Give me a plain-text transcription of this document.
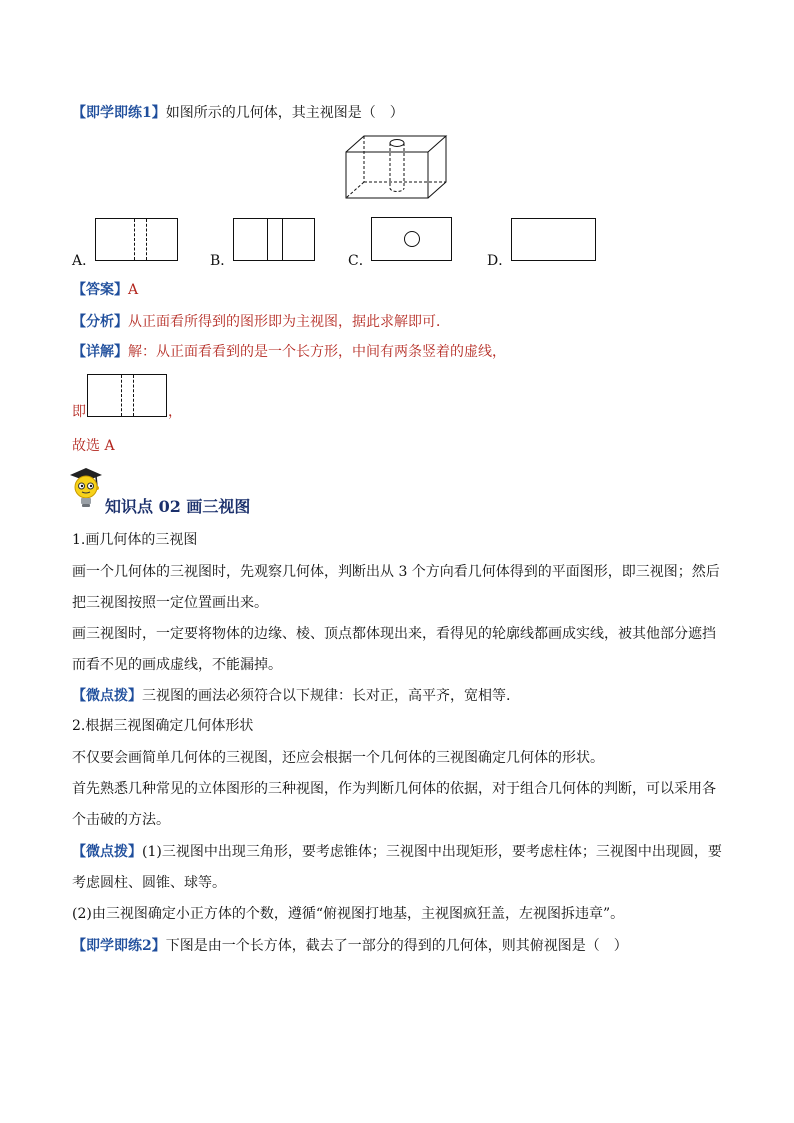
【即学即练1】如图所示的几何体，其主视图是（　）
A．	B．	C．	D．
【答案】A
【分析】从正面看所得到的图形即为主视图，据此求解即可．
【详解】解：从正面看看到的是一个长方形，中间有两条竖着的虚线，
即	，
故选 A
知识点 02 画三视图
1.画几何体的三视图
画一个几何体的三视图时，先观察几何体，判断出从 3 个方向看几何体得到的平面图形，即三视图；然后
把三视图按照一定位置画出来。
画三视图时，一定要将物体的边缘、棱、顶点都体现出来，看得见的轮廓线都画成实线，被其他部分遮挡
而看不见的画成虚线，不能漏掉。
【微点拨】三视图的画法必须符合以下规律：长对正，高平齐，宽相等.
2.根据三视图确定几何体形状
不仅要会画简单几何体的三视图，还应会根据一个几何体的三视图确定几何体的形状。
首先熟悉几种常见的立体图形的三种视图，作为判断几何体的依据，对于组合几何体的判断，可以采用各
个击破的方法。
【微点拨】(1)三视图中出现三角形，要考虑锥体；三视图中出现矩形，要考虑柱体；三视图中出现圆，要
考虑圆柱、圆锥、球等。
(2)由三视图确定小正方体的个数，遵循“俯视图打地基，主视图疯狂盖，左视图拆违章”。
【即学即练2】下图是由一个长方体，截去了一部分的得到的几何体，则其俯视图是（　）
